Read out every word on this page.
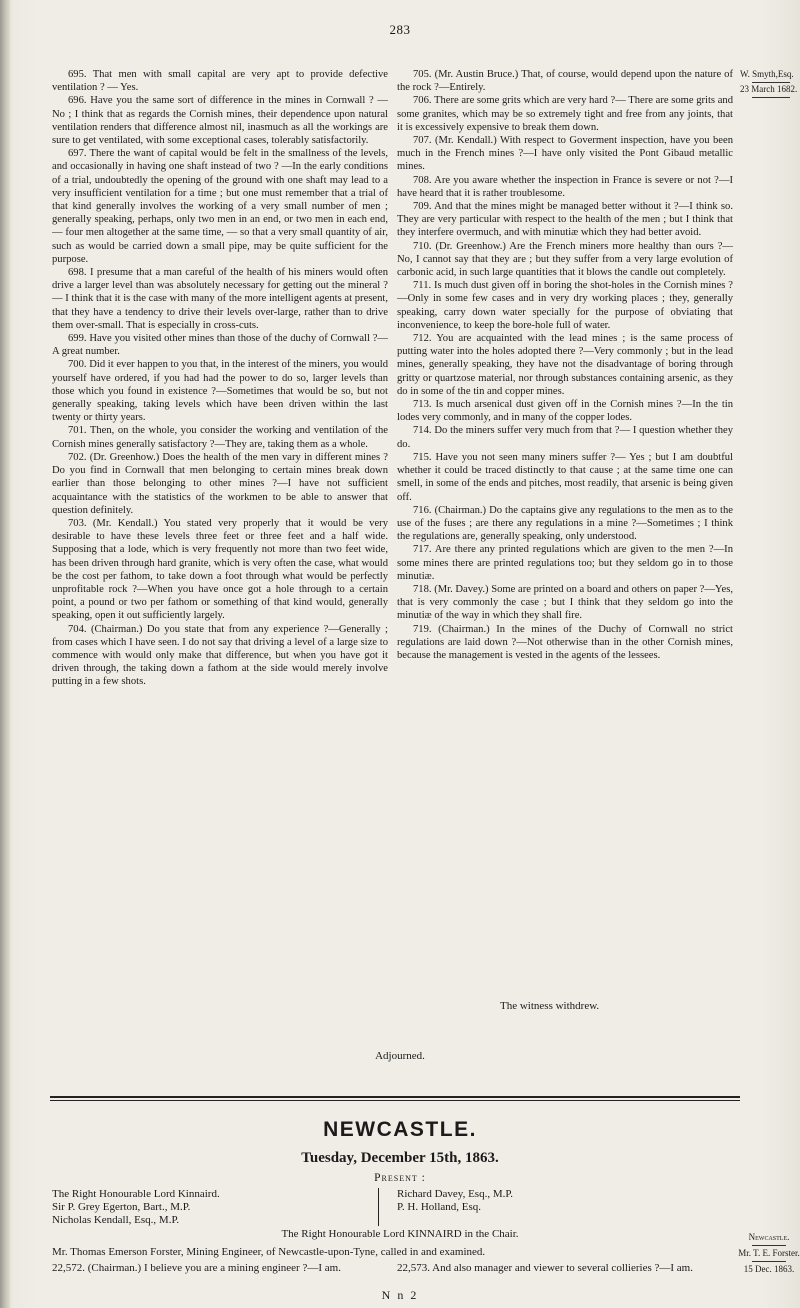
283

695. That men with small capital are very apt to provide defective ventilation ? — Yes.

696. Have you the same sort of difference in the mines in Cornwall ? — No ; I think that as regards the Cornish mines, their dependence upon natural ventilation renders that difference almost nil, inasmuch as all the workings are sure to get ventilated, with some exceptional cases, tolerably satisfactorily.

697. There the want of capital would be felt in the smallness of the levels, and occasionally in having one shaft instead of two ? —In the early conditions of a trial, undoubtedly the opening of the ground with one shaft may lead to a very insufficient ventilation for a time ; but one must remember that a trial of that kind generally involves the working of a very small number of men ; generally speaking, perhaps, only two men in an end, or two men in each end, — four men altogether at the same time, — so that a very small quantity of air, such as would be carried down a small pipe, may be quite sufficient for the purpose.

698. I presume that a man careful of the health of his miners would often drive a larger level than was absolutely necessary for getting out the mineral ? — I think that it is the case with many of the more intelligent agents at present, that they have a tendency to drive their levels over-large, rather than to drive them over-small. That is especially in cross-cuts.

699. Have you visited other mines than those of the duchy of Cornwall ?—A great number.

700. Did it ever happen to you that, in the interest of the miners, you would yourself have ordered, if you had had the power to do so, larger levels than those which you found in existence ?—Sometimes that would be so, but not generally speaking, taking levels which have been driven within the last twenty or thirty years.

701. Then, on the whole, you consider the working and ventilation of the Cornish mines generally satisfactory ?—They are, taking them as a whole.

702. (Dr. Greenhow.) Does the health of the men vary in different mines ? Do you find in Cornwall that men belonging to certain mines break down earlier than those belonging to other mines ?—I have not sufficient acquaintance with the statistics of the workmen to be able to answer that question definitely.

703. (Mr. Kendall.) You stated very properly that it would be very desirable to have these levels three feet or three feet and a half wide. Supposing that a lode, which is very frequently not more than two feet wide, has been driven through hard granite, which is very often the case, what would be the cost per fathom, to take down a foot through what would be perfectly unprofitable rock ?—When you have once got a hole through to a certain point, a pound or two per fathom or something of that kind would, generally speaking, open it out sufficiently largely.

704. (Chairman.) Do you state that from any experience ?—Generally ; from cases which I have seen. I do not say that driving a level of a large size to commence with would only make that difference, but when you have got it driven through, the taking down a fathom at the side would merely involve putting in a few shots.

705. (Mr. Austin Bruce.) That, of course, would depend upon the nature of the rock ?—Entirely.

706. There are some grits which are very hard ?— There are some grits and some granites, which may be so extremely tight and free from any joints, that it is excessively expensive to break them down.

707. (Mr. Kendall.) With respect to Goverment inspection, have you been much in the French mines ?—I have only visited the Pont Gibaud metallic mines.

708. Are you aware whether the inspection in France is severe or not ?—I have heard that it is rather troublesome.

709. And that the mines might be managed better without it ?—I think so. They are very particular with respect to the health of the men ; but I think that they interfere overmuch, and with minutiæ which they had better avoid.

710. (Dr. Greenhow.) Are the French miners more healthy than ours ?—No, I cannot say that they are ; but they suffer from a very large evolution of carbonic acid, in such large quantities that it blows the candle out completely.

711. Is much dust given off in boring the shot-holes in the Cornish mines ?—Only in some few cases and in very dry working places ; they, generally speaking, carry down water specially for the purpose of obviating that inconvenience, to keep the bore-hole full of water.

712. You are acquainted with the lead mines ; is the same process of putting water into the holes adopted there ?—Very commonly ; but in the lead mines, generally speaking, they have not the disadvantage of boring through gritty or quartzose material, nor through substances containing arsenic, as they do in some of the tin and copper mines.

713. Is much arsenical dust given off in the Cornish mines ?—In the tin lodes very commonly, and in many of the copper lodes.

714. Do the miners suffer very much from that ?— I question whether they do.

715. Have you not seen many miners suffer ?— Yes ; but I am doubtful whether it could be traced distinctly to that cause ; at the same time one can smell, in some of the ends and pitches, most readily, that arsenic is being given off.

716. (Chairman.) Do the captains give any regulations to the men as to the use of the fuses ; are there any regulations in a mine ?—Sometimes ; I think the regulations are, generally speaking, only understood.

717. Are there any printed regulations which are given to the men ?—In some mines there are printed regulations too; but they seldom go in to those minutiæ.

718. (Mr. Davey.) Some are printed on a board and others on paper ?—Yes, that is very commonly the case ; but I think that they seldom go into the minutiæ of the way in which they shall fire.

719. (Chairman.) In the mines of the Duchy of Cornwall no strict regulations are laid down ?—Not otherwise than in the other Cornish mines, because the management is vested in the agents of the lessees.

W. Smyth,Esq.
23 March 1682.
The witness withdrew.
Adjourned.
NEWCASTLE.
Tuesday, December 15th, 1863.
Present :
The Right Honourable Lord Kinnaird.
Sir P. Grey Egerton, Bart., M.P.
Nicholas Kendall, Esq., M.P.
Richard Davey, Esq., M.P.
P. H. Holland, Esq.
The Right Honourable Lord KINNAIRD in the Chair.
Mr. Thomas Emerson Forster, Mining Engineer, of Newcastle-upon-Tyne, called in and examined.
22,572. (Chairman.) I believe you are a mining engineer ?—I am.	22,573. And also manager and viewer to several collieries ?—I am.
N n 2
Newcastle.
Mr. T. E. Forster.
15 Dec. 1863.
